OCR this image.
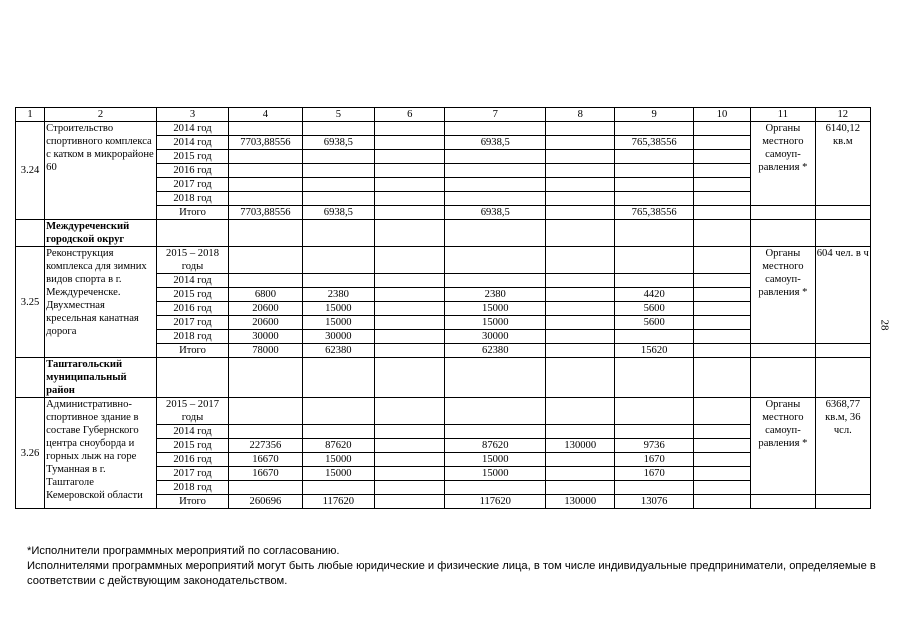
1	2	3	4	5	6	7	8	9	10	11	12
3.24	Строительство спортивного комплекса с катком в микрорайоне 60	2014 год								Органы местного самоуп-равления *	6140,12 кв.м
		2014 год	7703,88556	6938,5		6938,5		765,38556			
		2015 год									
		2016 год									
		2017 год									
		2018 год									
		Итого	7703,88556	6938,5		6938,5		765,38556			
	Междуреченский городской округ										
3.25	Реконструкция комплекса для зимних видов спорта в г. Междуреченске. Двухместная кресельная канатная дорога	2015 – 2018 годы								Органы местного самоуп-равления *	604 чел. в ч
		2014 год									
		2015 год	6800	2380		2380		4420			
		2016 год	20600	15000		15000		5600			
		2017 год	20600	15000		15000		5600			
		2018 год	30000	30000		30000					
		Итого	78000	62380		62380		15620			
	Таштагольский муниципальный район										
3.26	Административно-спортивное здание в составе Губернского центра сноуборда и горных лыж на горе Туманная в г. Таштаголе Кемеровской области	2015 – 2017 годы								Органы местного самоуп-равления *	6368,77 кв.м, 36 чсл.
		2014 год									
		2015 год	227356	87620		87620	130000	9736			
		2016 год	16670	15000		15000		1670			
		2017 год	16670	15000		15000		1670			
		2018 год									
		Итого	260696	117620		117620	130000	13076			
28

*Исполнители программных мероприятий по согласованию.

Исполнителями программных мероприятий могут быть любые юридические и физические лица, в том числе индивидуальные предприниматели, определяемые в соответствии с действующим законодательством.
